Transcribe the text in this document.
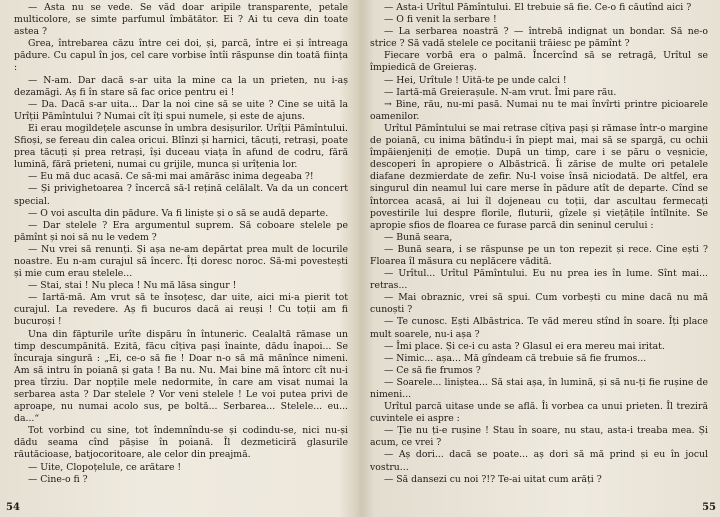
— Asta nu se vede. Se văd doar aripile transparente, petale multicolore, se simte parfumul îmbătător. Ei ? Ai tu ceva din toate astea ?

Grea, întrebarea căzu între cei doi, și, parcă, între ei și întreaga pădure. Cu capul în jos, cel care vorbise întîi răspunse din toată ființa :

— N-am. Dar dacă s-ar uita la mine ca la un prieten, nu i-aș dezamăgi. Aș fi în stare să fac orice pentru ei !

— Da. Dacă s-ar uita... Dar la noi cine să se uite ? Cine se uită la Urîții Pămîntului ? Numai cît îți spui numele, și este de ajuns.

Ei erau mogildețele ascunse în umbra desișurilor. Urîții Pămîntului. Sfioși, se fereau din calea oricui. Blînzi și harnici, tăcuți, retrași, poate prea tăcuți și prea retrași, își duceau viața în afund de codru, fără lumină, fără prieteni, numai cu grijile, munca și urîțenia lor.

— Eu mă duc acasă. Ce să-mi mai amărăsc inima degeaba ?!

— Și privighetoarea ? încercă să-l rețină celălalt. Va da un concert special.

— O voi asculta din pădure. Va fi liniște și o să se audă departe.

— Dar stelele ? Era argumentul suprem. Să coboare stelele pe pămînt și noi să nu le vedem ?

— Nu vrei să renunți. Și așa ne-am depărtat prea mult de locurile noastre. Eu n-am curajul să încerc. Îți doresc noroc. Să-mi povestești și mie cum erau stelele...

— Stai, stai ! Nu pleca ! Nu mă lăsa singur !

— Iartă-mă. Am vrut să te însoțesc, dar uite, aici mi-a pierit tot curajul. La revedere. Aș fi bucuros dacă ai reuși ! Cu toții am fi bucuroși !

Una din făpturile urîte dispăru în întuneric. Cealaltă rămase un timp descumpănită. Ezită, făcu cîțiva pași înainte, dădu înapoi... Se încuraja singură : „Ei, ce-o să fie ! Doar n-o să mă mănînce nimeni. Am să intru în poiană și gata ! Ba nu. Nu. Mai bine mă întorc cît nu-i prea tîrziu. Dar nopțile mele nedormite, în care am visat numai la serbarea asta ? Dar stelele ? Vor veni stelele ! Le voi putea privi de aproape, nu numai acolo sus, pe boltă... Serbarea... Stelele... eu... da...“

Tot vorbind cu sine, tot îndemnîndu-se și codindu-se, nici nu-și dădu seama cînd pășise în poiană. Îl dezmeticiră glasurile răutăcioase, batjocoritoare, ale celor din preajmă.

— Uite, Clopoțelule, ce arătare !

— Cine-o fi ?

54

— Asta-i Urîtul Pămîntului. El trebuie să fie. Ce-o fi căutînd aici ?

— O fi venit la serbare !

— La serbarea noastră ? — întrebă indignat un bondar. Să ne-o strice ? Să vadă stelele ce pocitanii trăiesc pe pămînt ?

Fiecare vorbă era o palmă. Încercînd să se retragă, Urîtul se împiedică de Greieraș.

— Hei, Urîtule ! Uită-te pe unde calci !

— Iartă-mă Greierașule. N-am vrut. Îmi pare rău.

→ Bine, rău, nu-mi pasă. Numai nu te mai învîrti printre picioarele oamenilor.

Urîtul Pămîntului se mai retrase cîțiva pași și rămase într-o margine de poiană, cu inima bătîndu-i în piept mai, mai să se spargă, cu ochii împăienjeniți de emoție. După un timp, care i se păru o veșnicie, descoperi în apropiere o Albăstrică. Îi zărise de multe ori petalele diafane dezmierdate de zefir. Nu-l voise însă niciodată. De altfel, era singurul din neamul lui care merse în pădure atît de departe. Cînd se întorcea acasă, ai lui îl dojeneau cu toții, dar ascultau fermecați povestirile lui despre florile, fluturii, gîzele și viețățile întîlnite. Se apropie sfios de floarea ce furase parcă din seninul cerului :

— Bună seara,

— Bună seara, i se răspunse pe un ton repezit și rece. Cine ești ? Floarea îl măsura cu neplăcere vădită.

— Urîtul... Urîtul Pămîntului. Eu nu prea ies în lume. Sînt mai... retras...

— Mai obraznic, vrei să spui. Cum vorbești cu mine dacă nu mă cunoști ?

— Te cunosc. Ești Albăstrica. Te văd mereu stînd în soare. Îți place mult soarele, nu-i așa ?

— Îmi place. Și ce-i cu asta ? Glasul ei era mereu mai iritat.

— Nimic... așa... Mă gîndeam că trebuie să fie frumos...

— Ce să fie frumos ?

— Soarele... liniștea... Să stai așa, în lumină, și să nu-ți fie rușine de nimeni...

Urîtul parcă uitase unde se află. Îi vorbea ca unui prieten. Îl treziră cuvintele ei aspre :

— Ție nu ți-e rușine ! Stau în soare, nu stau, asta-i treaba mea. Și acum, ce vrei ?

— Aș dori... dacă se poate... aș dori să mă prind și eu în jocul vostru...

— Să dansezi cu noi ?!? Te-ai uitat cum arăți ?

55
